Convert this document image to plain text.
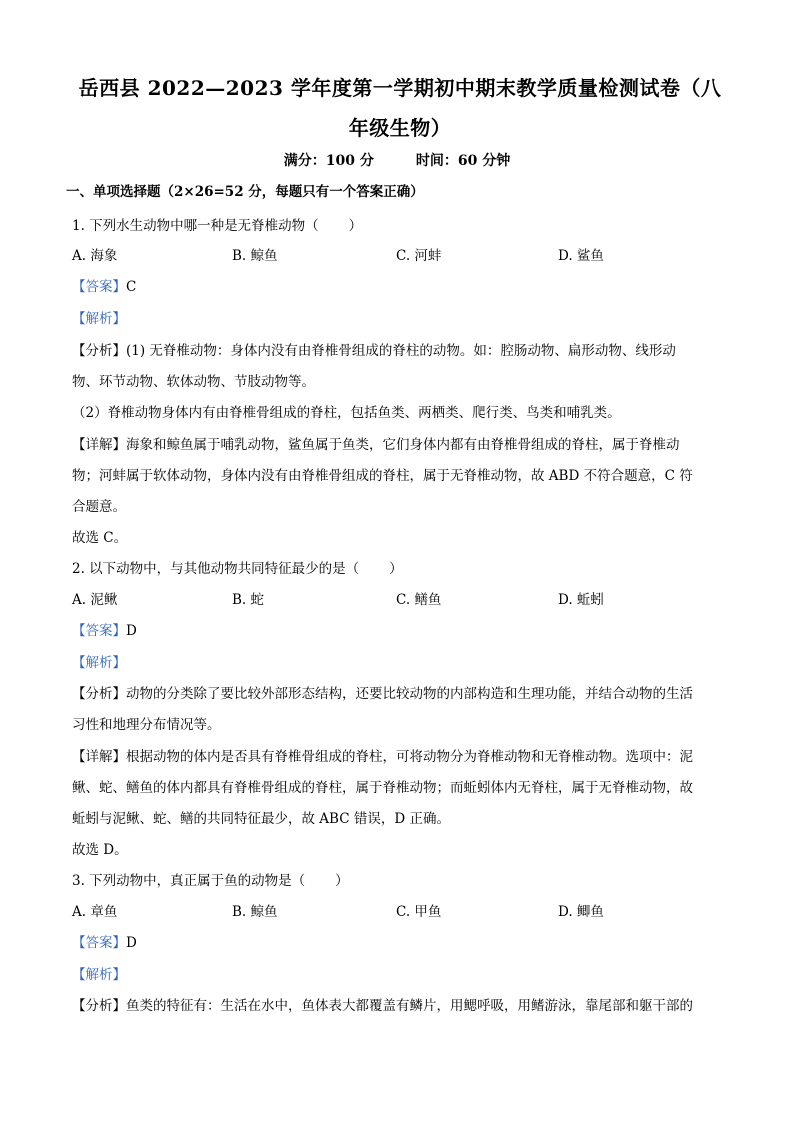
岳西县 2022—2023 学年度第一学期初中期末教学质量检测试卷（八
年级生物）
满分：100 分	时间：60 分钟
一、单项选择题（2×26=52 分，每题只有一个答案正确）
1. 下列水生动物中哪一种是无脊椎动物（ ）
A. 海象	B. 鲸鱼	C. 河蚌	D. 鲨鱼
【答案】C
【解析】
【分析】(1) 无脊椎动物：身体内没有由脊椎骨组成的脊柱的动物。如：腔肠动物、扁形动物、线形动
物、环节动物、软体动物、节肢动物等。
（2）脊椎动物身体内有由脊椎骨组成的脊柱，包括鱼类、两栖类、爬行类、鸟类和哺乳类。
【详解】海象和鲸鱼属于哺乳动物，鲨鱼属于鱼类，它们身体内都有由脊椎骨组成的脊柱，属于脊椎动
物；河蚌属于软体动物，身体内没有由脊椎骨组成的脊柱，属于无脊椎动物，故 ABD 不符合题意，C 符
合题意。
故选 C。
2. 以下动物中，与其他动物共同特征最少的是（ ）
A. 泥鳅	B. 蛇	C. 鳝鱼	D. 蚯蚓
【答案】D
【解析】
【分析】动物的分类除了要比较外部形态结构，还要比较动物的内部构造和生理功能，并结合动物的生活
习性和地理分布情况等。
【详解】根据动物的体内是否具有脊椎骨组成的脊柱，可将动物分为脊椎动物和无脊椎动物。选项中：泥
鳅、蛇、鳝鱼的体内都具有脊椎骨组成的脊柱，属于脊椎动物；而蚯蚓体内无脊柱，属于无脊椎动物，故
蚯蚓与泥鳅、蛇、鳝的共同特征最少，故 ABC 错误，D 正确。
故选 D。
3. 下列动物中，真正属于鱼的动物是（ ）
A. 章鱼	B. 鲸鱼	C. 甲鱼	D. 鲫鱼
【答案】D
【解析】
【分析】鱼类的特征有：生活在水中，鱼体表大都覆盖有鳞片，用鳃呼吸，用鳍游泳，靠尾部和躯干部的
